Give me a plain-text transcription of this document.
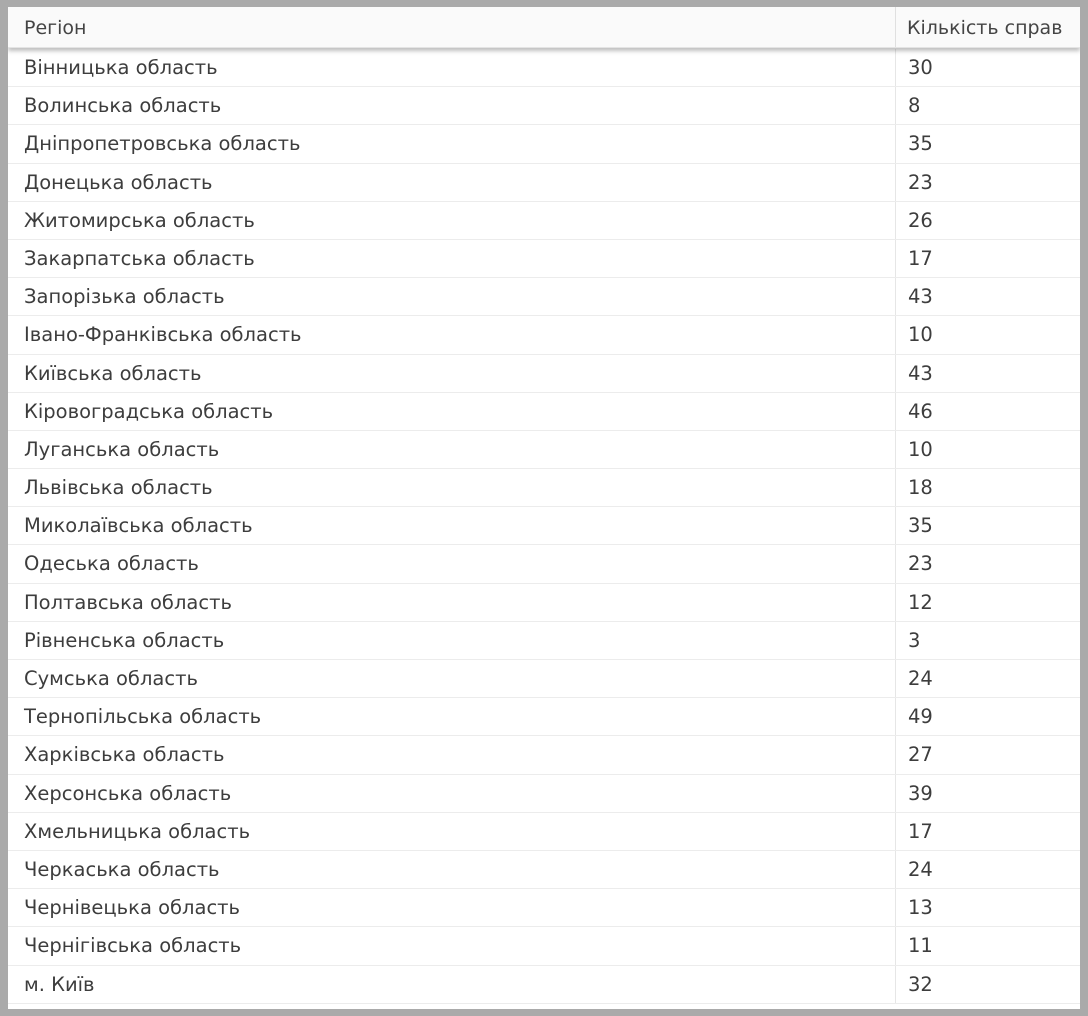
Регіон	Кількість справ
Вінницька область	30
Волинська область	8
Дніпропетровська область	35
Донецька область	23
Житомирська область	26
Закарпатська область	17
Запорізька область	43
Івано-Франківська область	10
Київська область	43
Кіровоградська область	46
Луганська область	10
Львівська область	18
Миколаївська область	35
Одеська область	23
Полтавська область	12
Рівненська область	3
Сумська область	24
Тернопільська область	49
Харківська область	27
Херсонська область	39
Хмельницька область	17
Черкаська область	24
Чернівецька область	13
Чернігівська область	11
м. Київ	32
